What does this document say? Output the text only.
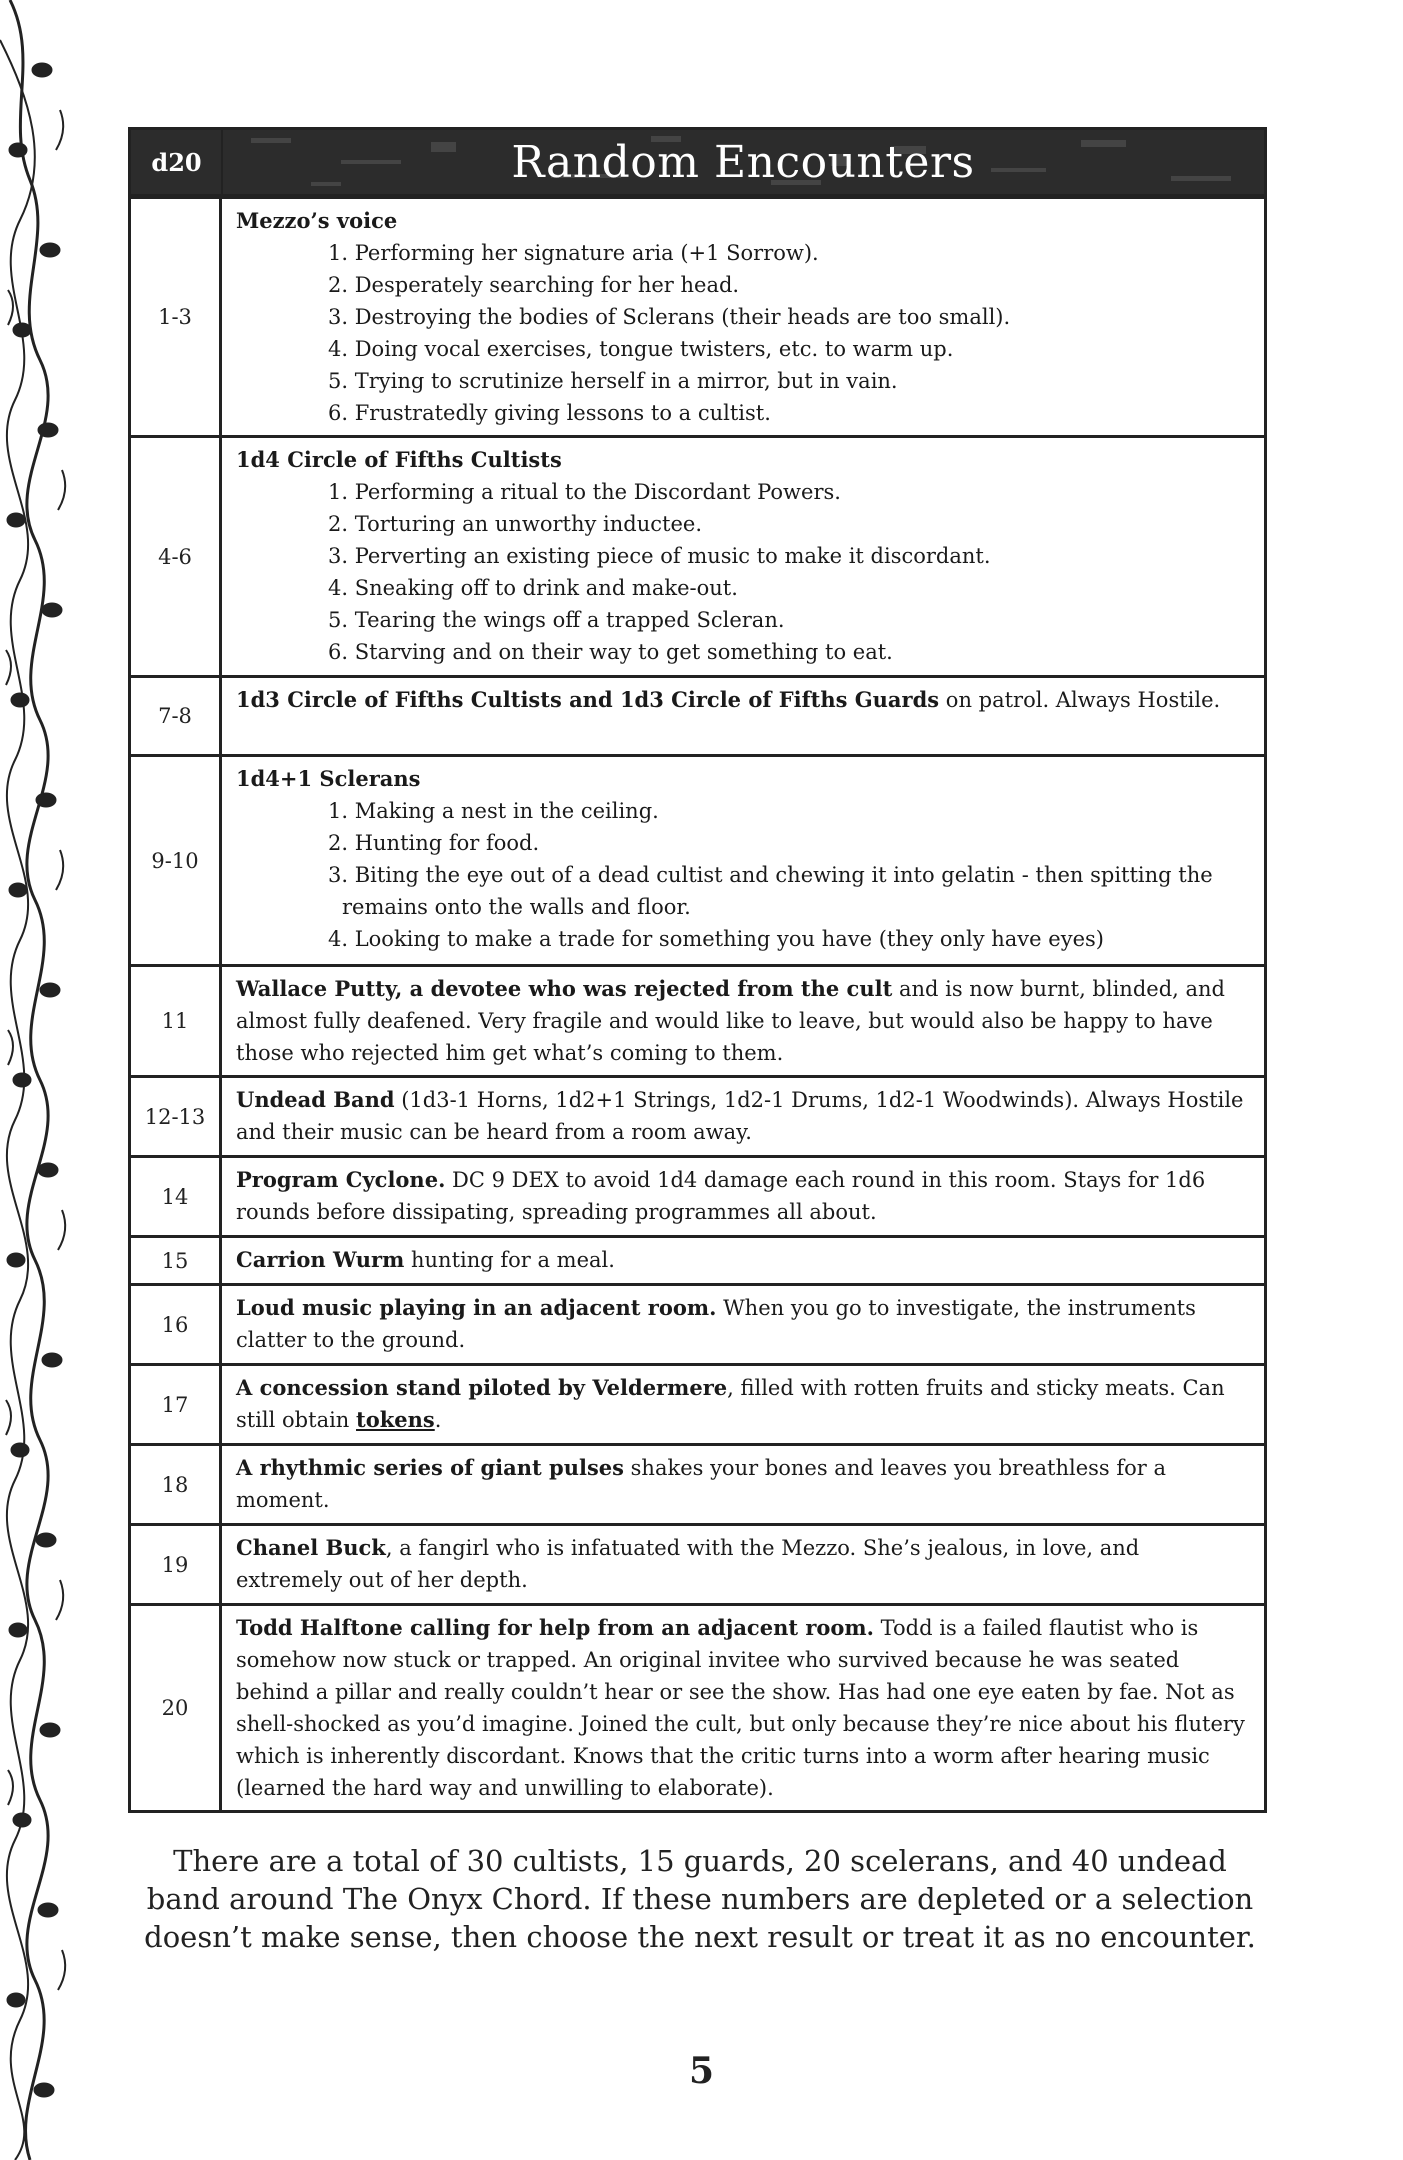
d20	Random Encounters
1-3
Mezzo’s voice
1. Performing her signature aria (+1 Sorrow).
2. Desperately searching for her head.
3. Destroying the bodies of Sclerans (their heads are too small).
4. Doing vocal exercises, tongue twisters, etc. to warm up.
5. Trying to scrutinize herself in a mirror, but in vain.
6. Frustratedly giving lessons to a cultist.
4-6
1d4 Circle of Fifths Cultists
1. Performing a ritual to the Discordant Powers.
2. Torturing an unworthy inductee.
3. Perverting an existing piece of music to make it discordant.
4. Sneaking off to drink and make-out.
5. Tearing the wings off a trapped Scleran.
6. Starving and on their way to get something to eat.
7-8
1d3 Circle of Fifths Cultists and 1d3 Circle of Fifths Guards on patrol. Always Hostile.
9-10
1d4+1 Sclerans
1. Making a nest in the ceiling.
2. Hunting for food.
3. Biting the eye out of a dead cultist and chewing it into gelatin - then spitting the remains onto the walls and floor.
4. Looking to make a trade for something you have (they only have eyes)
11
Wallace Putty, a devotee who was rejected from the cult and is now burnt, blinded, and almost fully deafened. Very fragile and would like to leave, but would also be happy to have those who rejected him get what’s coming to them.
12-13
Undead Band (1d3-1 Horns, 1d2+1 Strings, 1d2-1 Drums, 1d2-1 Woodwinds). Always Hostile and their music can be heard from a room away.
14
Program Cyclone. DC 9 DEX to avoid 1d4 damage each round in this room. Stays for 1d6 rounds before dissipating, spreading programmes all about.
15	Carrion Wurm hunting for a meal.
16
Loud music playing in an adjacent room. When you go to investigate, the instruments clatter to the ground.
17
A concession stand piloted by Veldermere, filled with rotten fruits and sticky meats. Can still obtain tokens.
18
A rhythmic series of giant pulses shakes your bones and leaves you breathless for a moment.
19
Chanel Buck, a fangirl who is infatuated with the Mezzo. She’s jealous, in love, and extremely out of her depth.
20
Todd Halftone calling for help from an adjacent room. Todd is a failed flautist who is somehow now stuck or trapped. An original invitee who survived because he was seated behind a pillar and really couldn’t hear or see the show. Has had one eye eaten by fae. Not as shell-shocked as you’d imagine. Joined the cult, but only because they’re nice about his flutery which is inherently discordant. Knows that the critic turns into a worm after hearing music (learned the hard way and unwilling to elaborate).
There are a total of 30 cultists, 15 guards, 20 scelerans, and 40 undead band around The Onyx Chord. If these numbers are depleted or a selection doesn’t make sense, then choose the next result or treat it as no encounter.
5
